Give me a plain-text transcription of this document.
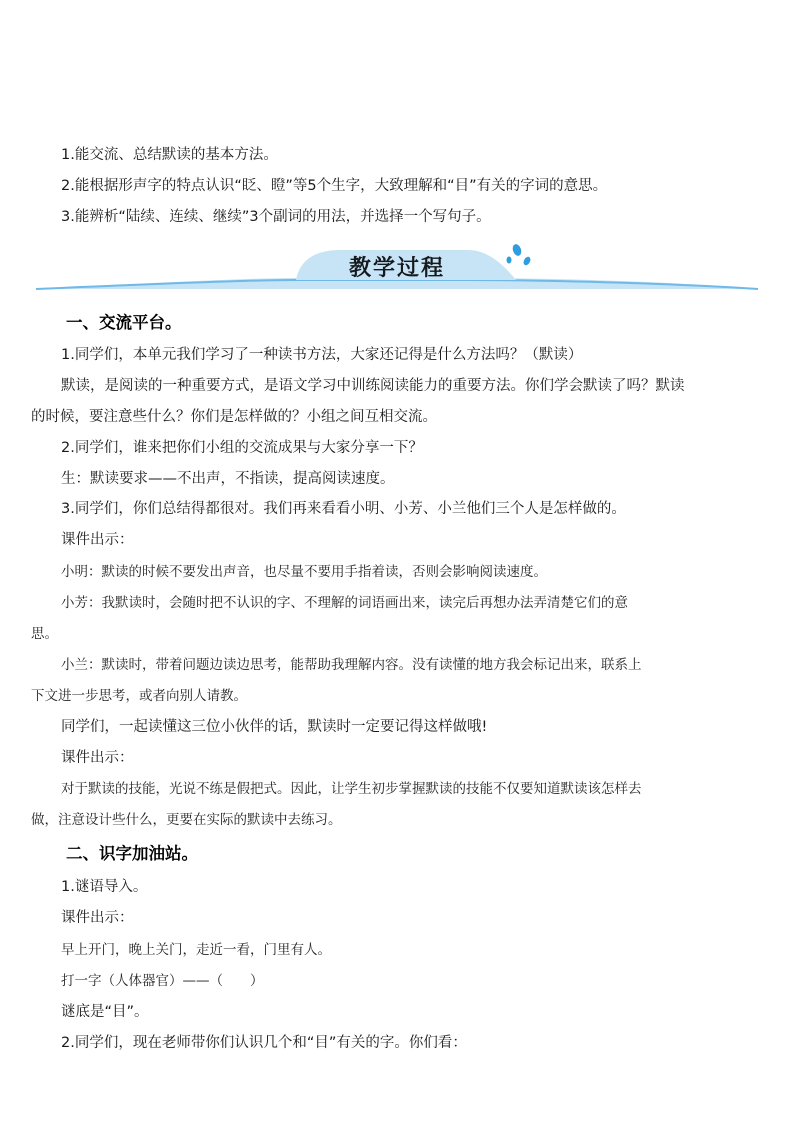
1.能交流、总结默读的基本方法。
2.能根据形声字的特点认识“眨、瞪”等5个生字，大致理解和“目”有关的字词的意思。
3.能辨析“陆续、连续、继续”3个副词的用法，并选择一个写句子。
教学过程
一、交流平台。
1.同学们，本单元我们学习了一种读书方法，大家还记得是什么方法吗？（默读）
默读，是阅读的一种重要方式，是语文学习中训练阅读能力的重要方法。你们学会默读了吗？默读
的时候，要注意些什么？你们是怎样做的？小组之间互相交流。
2.同学们，谁来把你们小组的交流成果与大家分享一下？
生：默读要求——不出声，不指读，提高阅读速度。
3.同学们，你们总结得都很对。我们再来看看小明、小芳、小兰他们三个人是怎样做的。
课件出示：
小明：默读的时候不要发出声音，也尽量不要用手指着读，否则会影响阅读速度。
小芳：我默读时，会随时把不认识的字、不理解的词语画出来，读完后再想办法弄清楚它们的意
思。
小兰：默读时，带着问题边读边思考，能帮助我理解内容。没有读懂的地方我会标记出来，联系上
下文进一步思考，或者向别人请教。
同学们，一起读懂这三位小伙伴的话，默读时一定要记得这样做哦!
课件出示：
对于默读的技能，光说不练是假把式。因此，让学生初步掌握默读的技能不仅要知道默读该怎样去
做，注意设计些什么，更要在实际的默读中去练习。
二、识字加油站。
1.谜语导入。
课件出示：
早上开门，晚上关门，走近一看，门里有人。
打一字（人体器官）——（　　）
谜底是“目”。
2.同学们，现在老师带你们认识几个和“目”有关的字。你们看：
